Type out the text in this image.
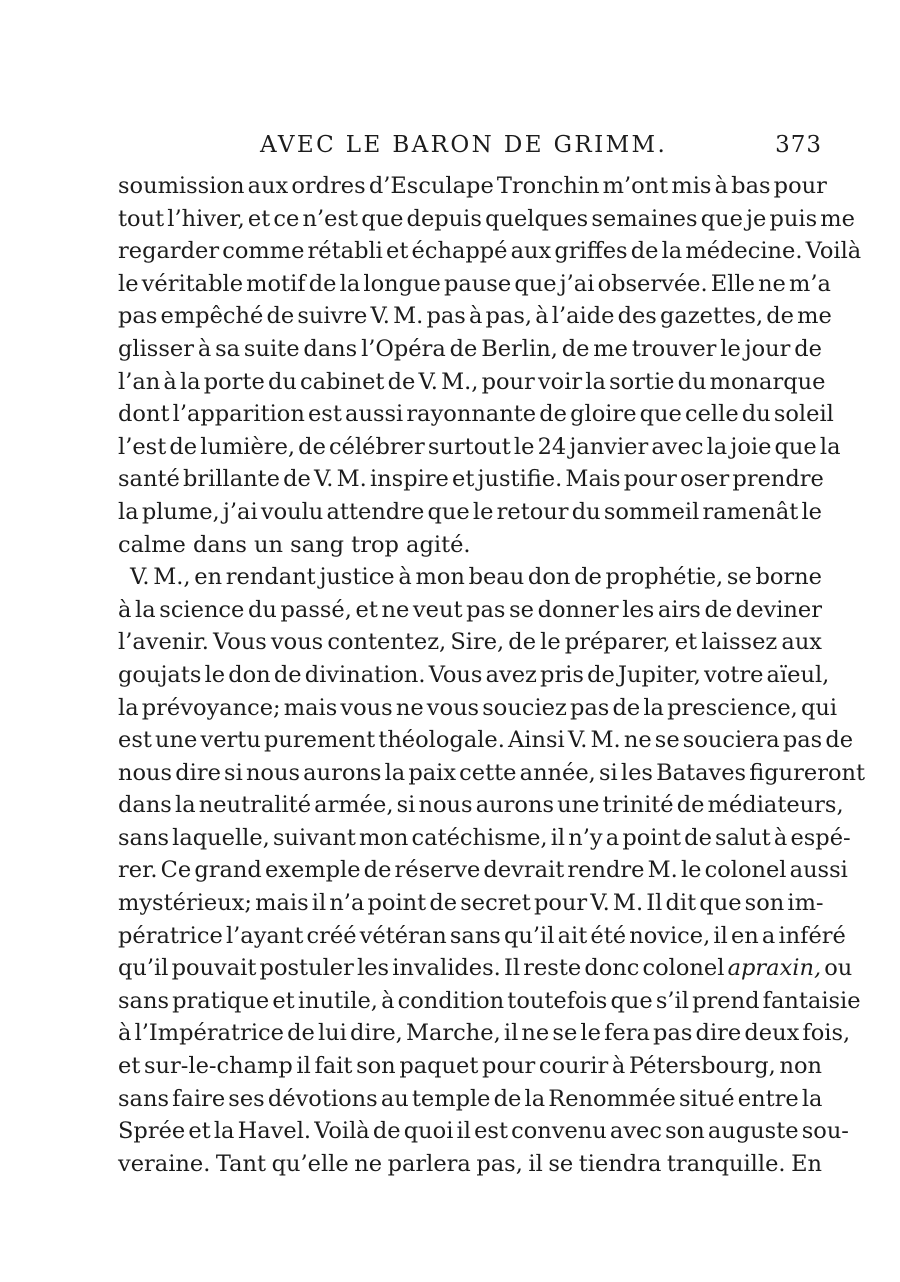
AVEC LE BARON DE GRIMM.	373
soumission aux ordres d’Esculape Tronchin m’ont mis à bas pour
tout l’hiver, et ce n’est que depuis quelques semaines que je puis me
regarder comme rétabli et échappé aux griffes de la médecine. Voilà
le véritable motif de la longue pause que j’ai observée. Elle ne m’a
pas empêché de suivre V. M. pas à pas, à l’aide des gazettes, de me
glisser à sa suite dans l’Opéra de Berlin, de me trouver le jour de
l’an à la porte du cabinet de V. M., pour voir la sortie du monarque
dont l’apparition est aussi rayonnante de gloire que celle du soleil
l’est de lumière, de célébrer surtout le 24 janvier avec la joie que la
santé brillante de V. M. inspire et justifie. Mais pour oser prendre
la plume, j’ai voulu attendre que le retour du sommeil ramenât le
calme dans un sang trop agité.
V. M., en rendant justice à mon beau don de prophétie, se borne
à la science du passé, et ne veut pas se donner les airs de deviner
l’avenir. Vous vous contentez, Sire, de le préparer, et laissez aux
goujats le don de divination. Vous avez pris de Jupiter, votre aïeul,
la prévoyance; mais vous ne vous souciez pas de la prescience, qui
est une vertu purement théologale. Ainsi V. M. ne se souciera pas de
nous dire si nous aurons la paix cette année, si les Bataves figureront
dans la neutralité armée, si nous aurons une trinité de médiateurs,
sans laquelle, suivant mon catéchisme, il n’y a point de salut à espé-
rer. Ce grand exemple de réserve devrait rendre M. le colonel aussi
mystérieux; mais il n’a point de secret pour V. M. Il dit que son im-
pératrice l’ayant créé vétéran sans qu’il ait été novice, il en a inféré
qu’il pouvait postuler les invalides. Il reste donc colonel apraxin, ou
sans pratique et inutile, à condition toutefois que s’il prend fantaisie
à l’Impératrice de lui dire, Marche, il ne se le fera pas dire deux fois,
et sur-le-champ il fait son paquet pour courir à Pétersbourg, non
sans faire ses dévotions au temple de la Renommée situé entre la
Sprée et la Havel. Voilà de quoi il est convenu avec son auguste sou-
veraine. Tant qu’elle ne parlera pas, il se tiendra tranquille. En
